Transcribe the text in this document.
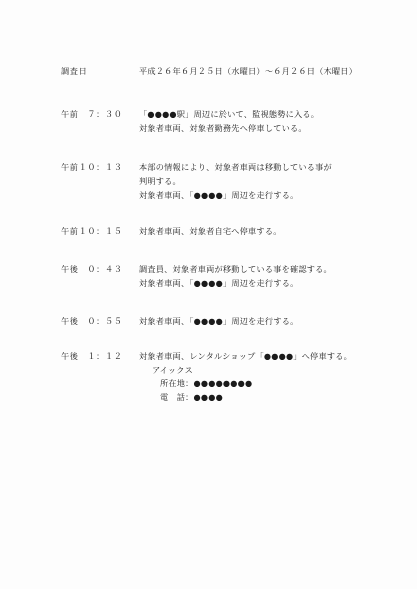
調査日	平成２６年６月２５日（水曜日）～６月２６日（木曜日）
午前　７：３０ 「●●●●駅」周辺に於いて、監視態勢に入る。
対象者車両、対象者勤務先へ停車している。
午前１０：１３ 本部の情報により、対象者車両は移動している事が
判明する。
対象者車両、「●●●●」周辺を走行する。
午前１０：１５ 対象者車両、対象者自宅へ停車する。
午後　０：４３ 調査員、対象者車両が移動している事を確認する。
対象者車両、「●●●●」周辺を走行する。
午後　０：５５ 対象者車両、「●●●●」周辺を走行する。
午後　１：１２ 対象者車両、レンタルショップ「●●●●」へ停車する。
アイックス
所在地：●●●●●●●●
電　話：●●●●
